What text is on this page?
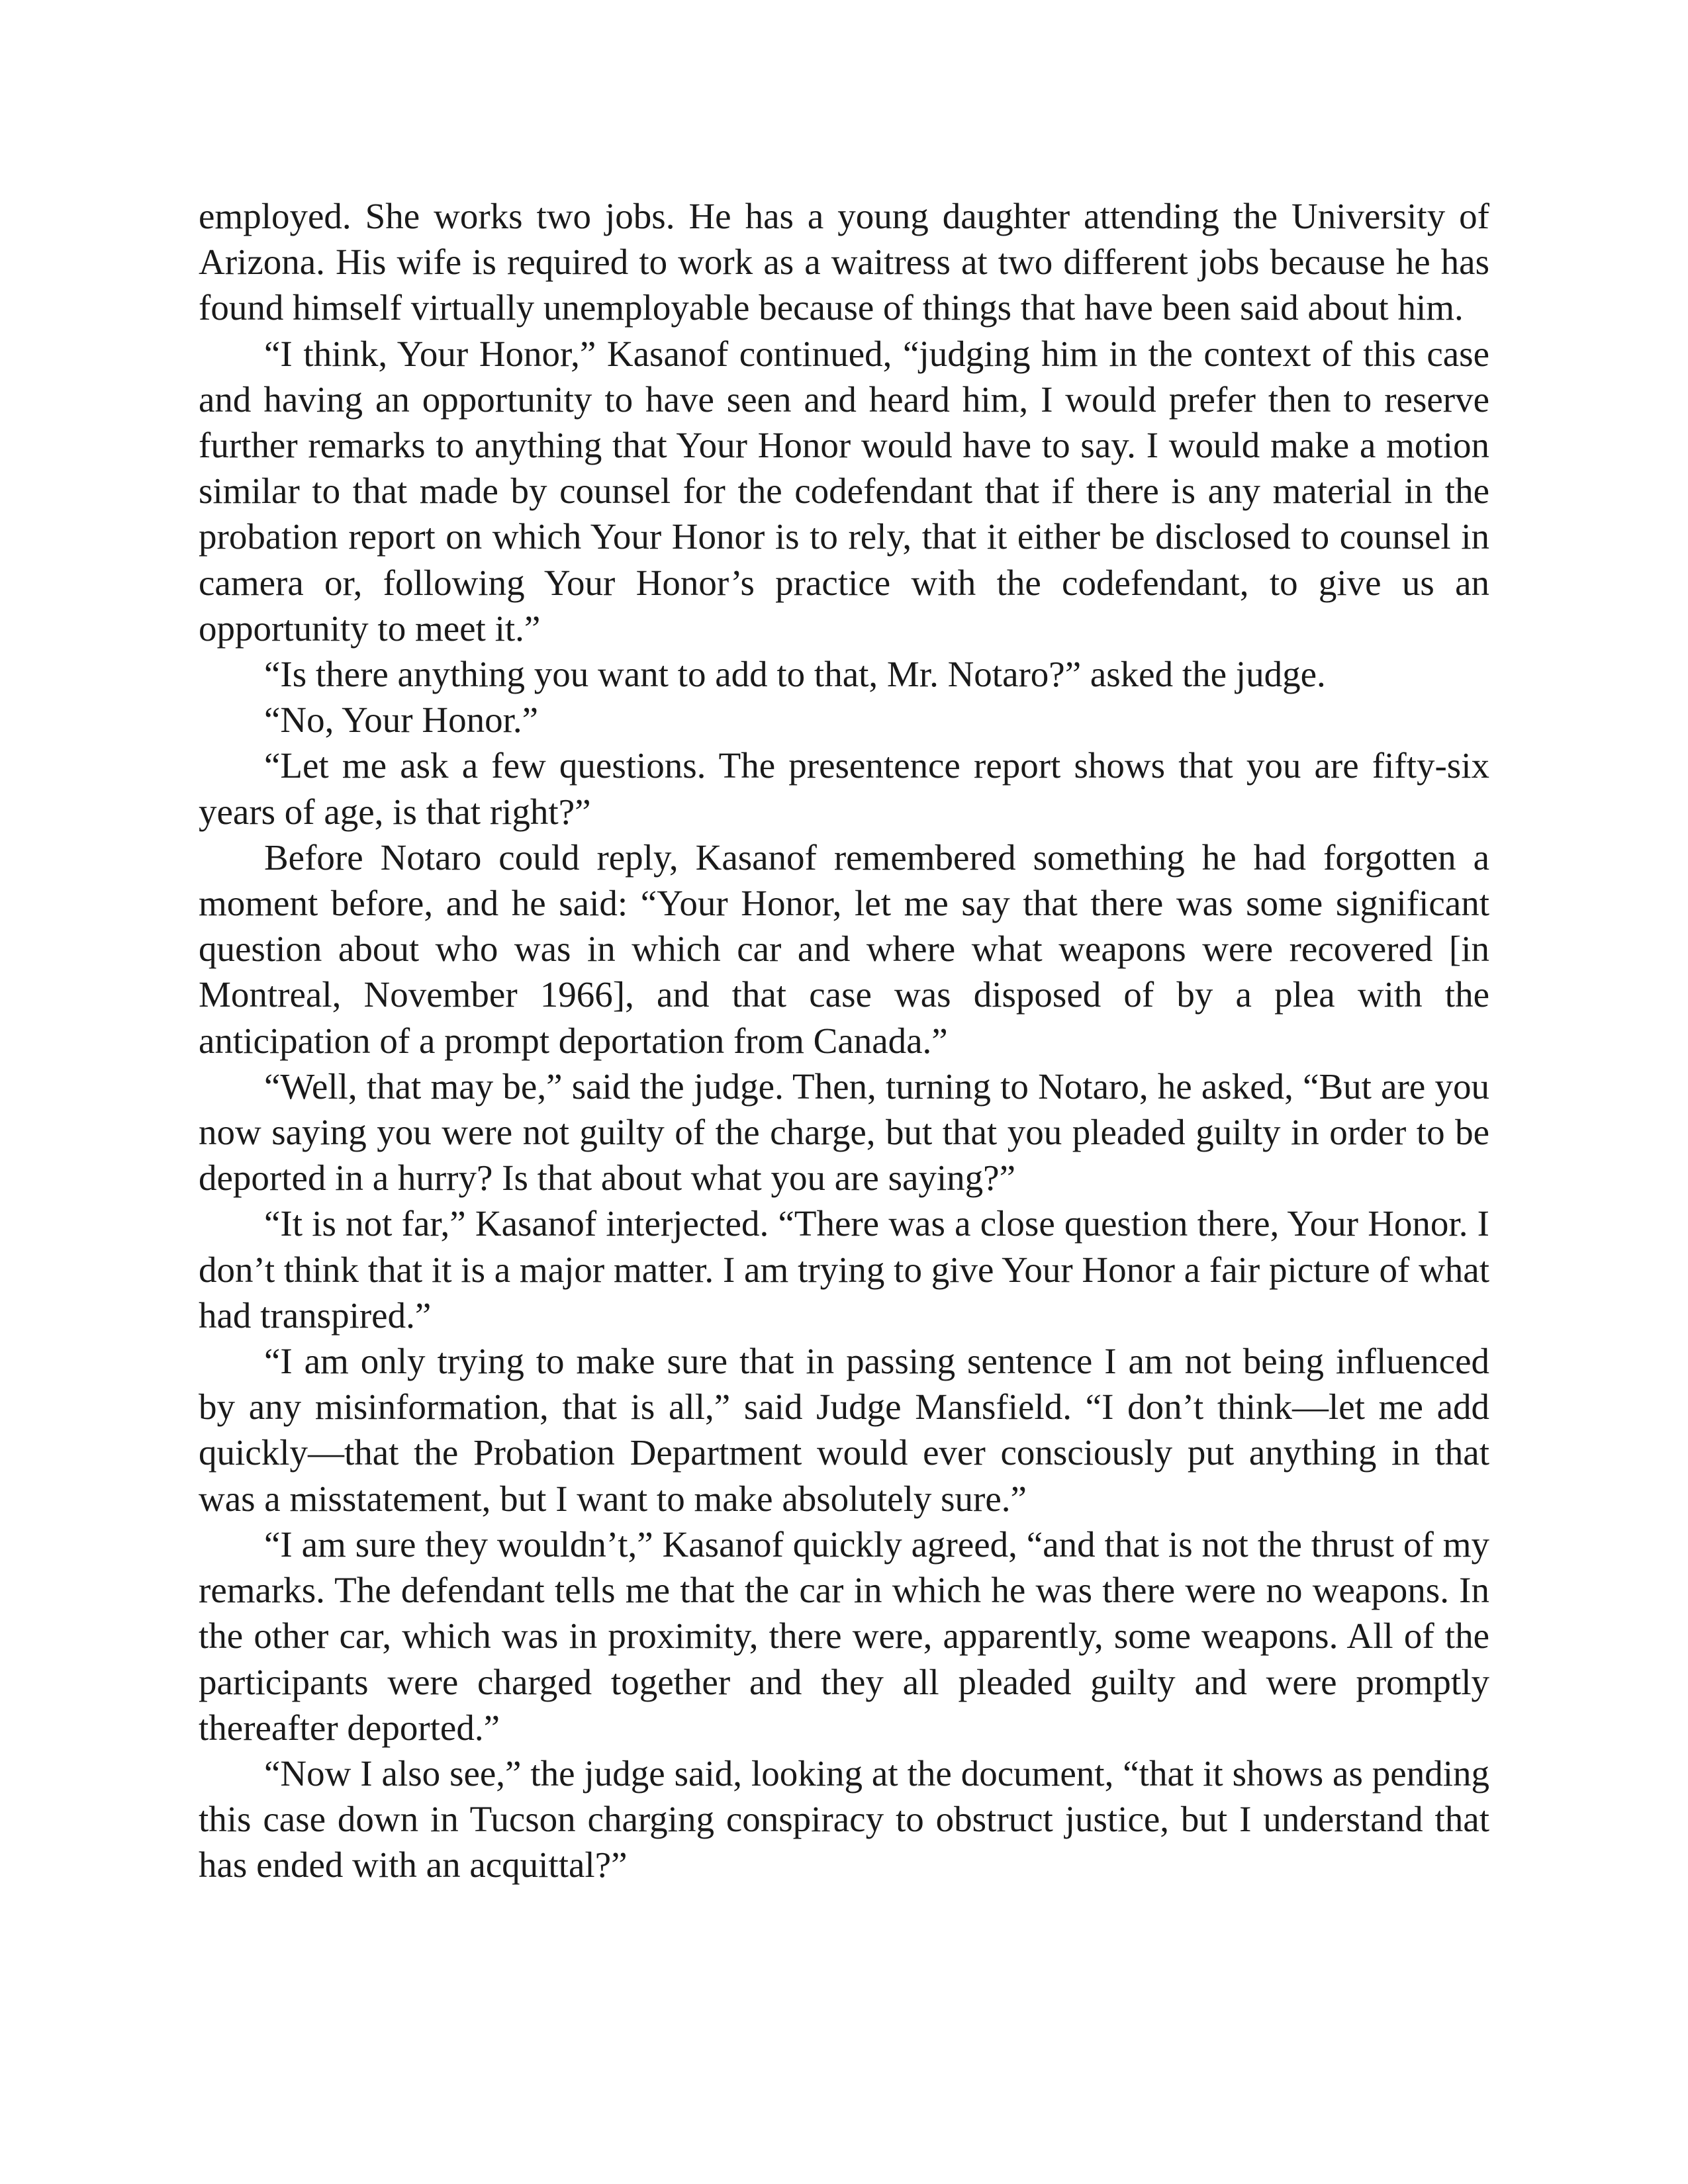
employed. She works two jobs. He has a young daughter attending the University of Arizona. His wife is required to work as a waitress at two different jobs because he has found himself virtually unemployable because of things that have been said about him.

“I think, Your Honor,” Kasanof continued, “judging him in the context of this case and having an opportunity to have seen and heard him, I would prefer then to reserve further remarks to anything that Your Honor would have to say. I would make a motion similar to that made by counsel for the codefendant that if there is any material in the probation report on which Your Honor is to rely, that it either be disclosed to counsel in camera or, following Your Honor’s practice with the codefendant, to give us an opportunity to meet it.”

“Is there anything you want to add to that, Mr. Notaro?” asked the judge.

“No, Your Honor.”

“Let me ask a few questions. The presentence report shows that you are fifty-six years of age, is that right?”

Before Notaro could reply, Kasanof remembered something he had forgotten a moment before, and he said: “Your Honor, let me say that there was some significant question about who was in which car and where what weapons were recovered [in Montreal, November 1966], and that case was disposed of by a plea with the anticipation of a prompt deportation from Canada.”

“Well, that may be,” said the judge. Then, turning to Notaro, he asked, “But are you now saying you were not guilty of the charge, but that you pleaded guilty in order to be deported in a hurry? Is that about what you are saying?”

“It is not far,” Kasanof interjected. “There was a close question there, Your Honor. I don’t think that it is a major matter. I am trying to give Your Honor a fair picture of what had transpired.”

“I am only trying to make sure that in passing sentence I am not being influenced by any misinformation, that is all,” said Judge Mansfield. “I don’t think—let me add quickly—that the Probation Department would ever consciously put anything in that was a misstatement, but I want to make absolutely sure.”

“I am sure they wouldn’t,” Kasanof quickly agreed, “and that is not the thrust of my remarks. The defendant tells me that the car in which he was there were no weapons. In the other car, which was in proximity, there were, apparently, some weapons. All of the participants were charged together and they all pleaded guilty and were promptly thereafter deported.”

“Now I also see,” the judge said, looking at the document, “that it shows as pending this case down in Tucson charging conspiracy to obstruct justice, but I understand that has ended with an acquittal?”
